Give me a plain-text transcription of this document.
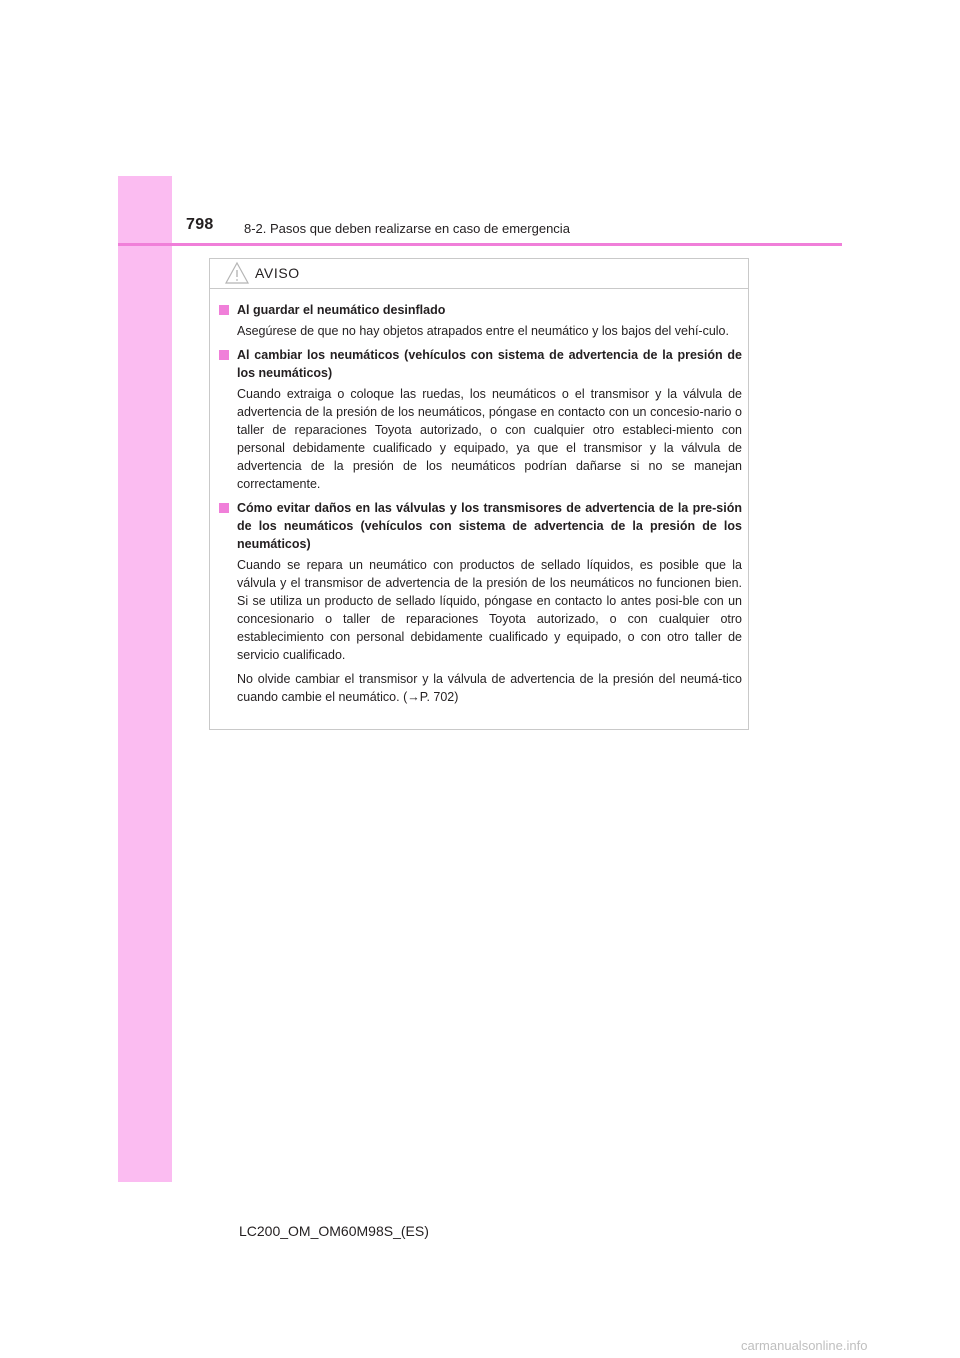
798 8-2. Pasos que deben realizarse en caso de emergencia
AVISO
Al guardar el neumático desinflado

Asegúrese de que no hay objetos atrapados entre el neumático y los bajos del vehí-culo.

Al cambiar los neumáticos (vehículos con sistema de advertencia de la presión de los neumáticos)

Cuando extraiga o coloque las ruedas, los neumáticos o el transmisor y la válvula de advertencia de la presión de los neumáticos, póngase en contacto con un concesio-nario o taller de reparaciones Toyota autorizado, o con cualquier otro estableci-miento con personal debidamente cualificado y equipado, ya que el transmisor y la válvula de advertencia de la presión de los neumáticos podrían dañarse si no se manejan correctamente.

Cómo evitar daños en las válvulas y los transmisores de advertencia de la pre-sión de los neumáticos (vehículos con sistema de advertencia de la presión de los neumáticos)

Cuando se repara un neumático con productos de sellado líquidos, es posible que la válvula y el transmisor de advertencia de la presión de los neumáticos no funcionen bien. Si se utiliza un producto de sellado líquido, póngase en contacto lo antes posi-ble con un concesionario o taller de reparaciones Toyota autorizado, o con cualquier otro establecimiento con personal debidamente cualificado y equipado, o con otro taller de servicio cualificado.

No olvide cambiar el transmisor y la válvula de advertencia de la presión del neumá-tico cuando cambie el neumático. (→P. 702)

LC200_OM_OM60M98S_(ES)
carmanualsonline.info
